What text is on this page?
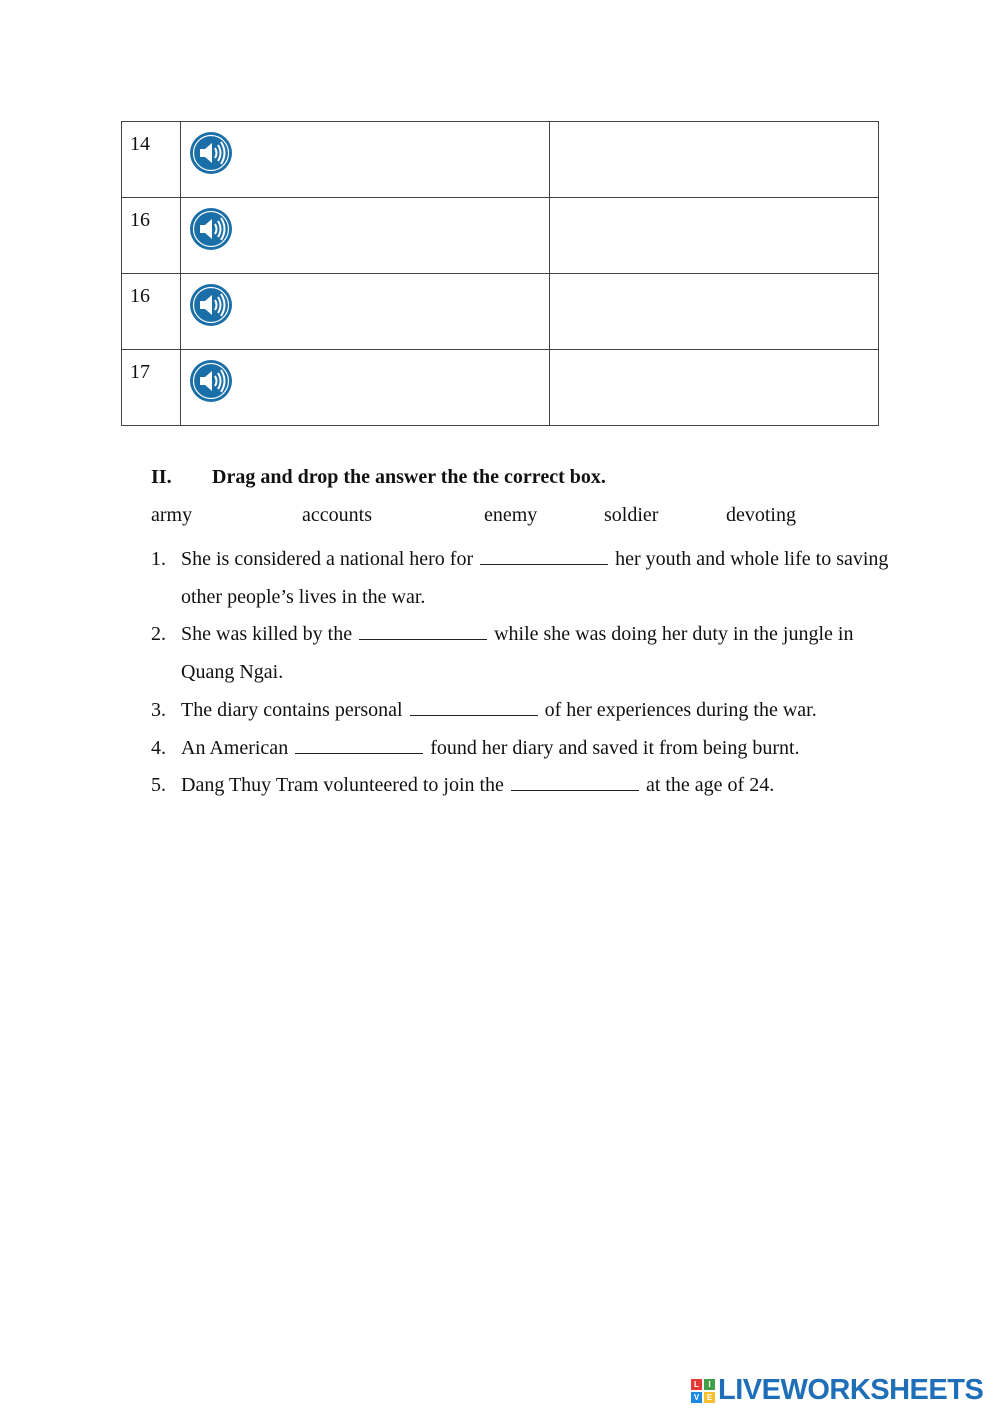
14

16

16

17

II. Drag and drop the answer the the correct box.
army	accounts	enemy	soldier	devoting
1. She is considered a national hero for	her youth and whole life to saving other people’s lives in the war.
2. She was killed by the	while she was doing her duty in the jungle in Quang Ngai.
3. The diary contains personal	of her experiences during the war.
4. An American	found her diary and saved it from being burnt.
5. Dang Thuy Tram volunteered to join the	at the age of 24.
L	I
V E LIVEWORKSHEETS
